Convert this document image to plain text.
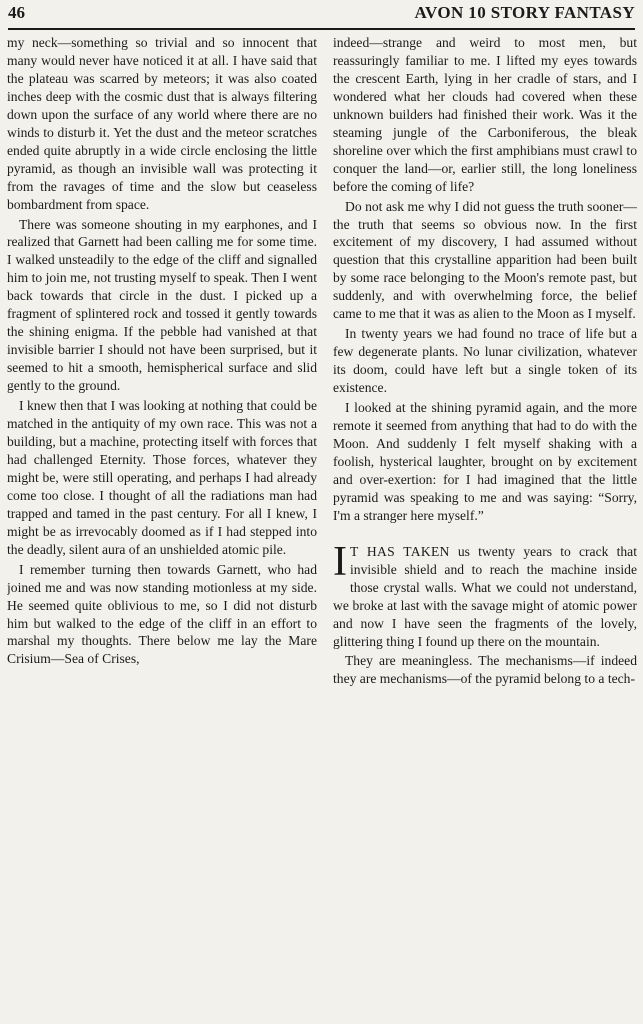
46	AVON 10 STORY FANTASY

my neck—something so trivial and so innocent that many would never have noticed it at all. I have said that the plateau was scarred by meteors; it was also coated inches deep with the cosmic dust that is always filtering down upon the surface of any world where there are no winds to disturb it. Yet the dust and the meteor scratches ended quite abruptly in a wide circle enclosing the little pyramid, as though an invisible wall was protecting it from the ravages of time and the slow but ceaseless bombardment from space.

There was someone shouting in my earphones, and I realized that Garnett had been calling me for some time. I walked unsteadily to the edge of the cliff and signalled him to join me, not trusting myself to speak. Then I went back towards that circle in the dust. I picked up a fragment of splintered rock and tossed it gently towards the shining enigma. If the pebble had vanished at that invisible barrier I should not have been surprised, but it seemed to hit a smooth, hemispherical surface and slid gently to the ground.

I knew then that I was looking at nothing that could be matched in the antiquity of my own race. This was not a building, but a machine, protecting itself with forces that had challenged Eternity. Those forces, whatever they might be, were still operating, and perhaps I had already come too close. I thought of all the radiations man had trapped and tamed in the past century. For all I knew, I might be as irrevocably doomed as if I had stepped into the deadly, silent aura of an unshielded atomic pile.

I remember turning then towards Garnett, who had joined me and was now standing motionless at my side. He seemed quite oblivious to me, so I did not disturb him but walked to the edge of the cliff in an effort to marshal my thoughts. There below me lay the Mare Crisium—Sea of Crises,

indeed—strange and weird to most men, but reassuringly familiar to me. I lifted my eyes towards the crescent Earth, lying in her cradle of stars, and I wondered what her clouds had covered when these unknown builders had finished their work. Was it the steaming jungle of the Carboniferous, the bleak shoreline over which the first amphibians must crawl to conquer the land—or, earlier still, the long loneliness before the coming of life?

Do not ask me why I did not guess the truth sooner—the truth that seems so obvious now. In the first excitement of my discovery, I had assumed without question that this crystalline apparition had been built by some race belonging to the Moon's remote past, but suddenly, and with overwhelming force, the belief came to me that it was as alien to the Moon as I myself.

In twenty years we had found no trace of life but a few degenerate plants. No lunar civilization, whatever its doom, could have left but a single token of its existence.

I looked at the shining pyramid again, and the more remote it seemed from anything that had to do with the Moon. And suddenly I felt myself shaking with a foolish, hysterical laughter, brought on by excitement and over-exertion: for I had imagined that the little pyramid was speaking to me and was saying: “Sorry, I'm a stranger here myself.”

I T HAS TAKEN us twenty years to crack that invisible shield and to reach the machine inside those crystal walls. What we could not understand, we broke at last with the savage might of atomic power and now I have seen the fragments of the lovely, glittering thing I found up there on the mountain.

They are meaningless. The mechanisms—if indeed they are mechanisms—of the pyramid belong to a tech-
